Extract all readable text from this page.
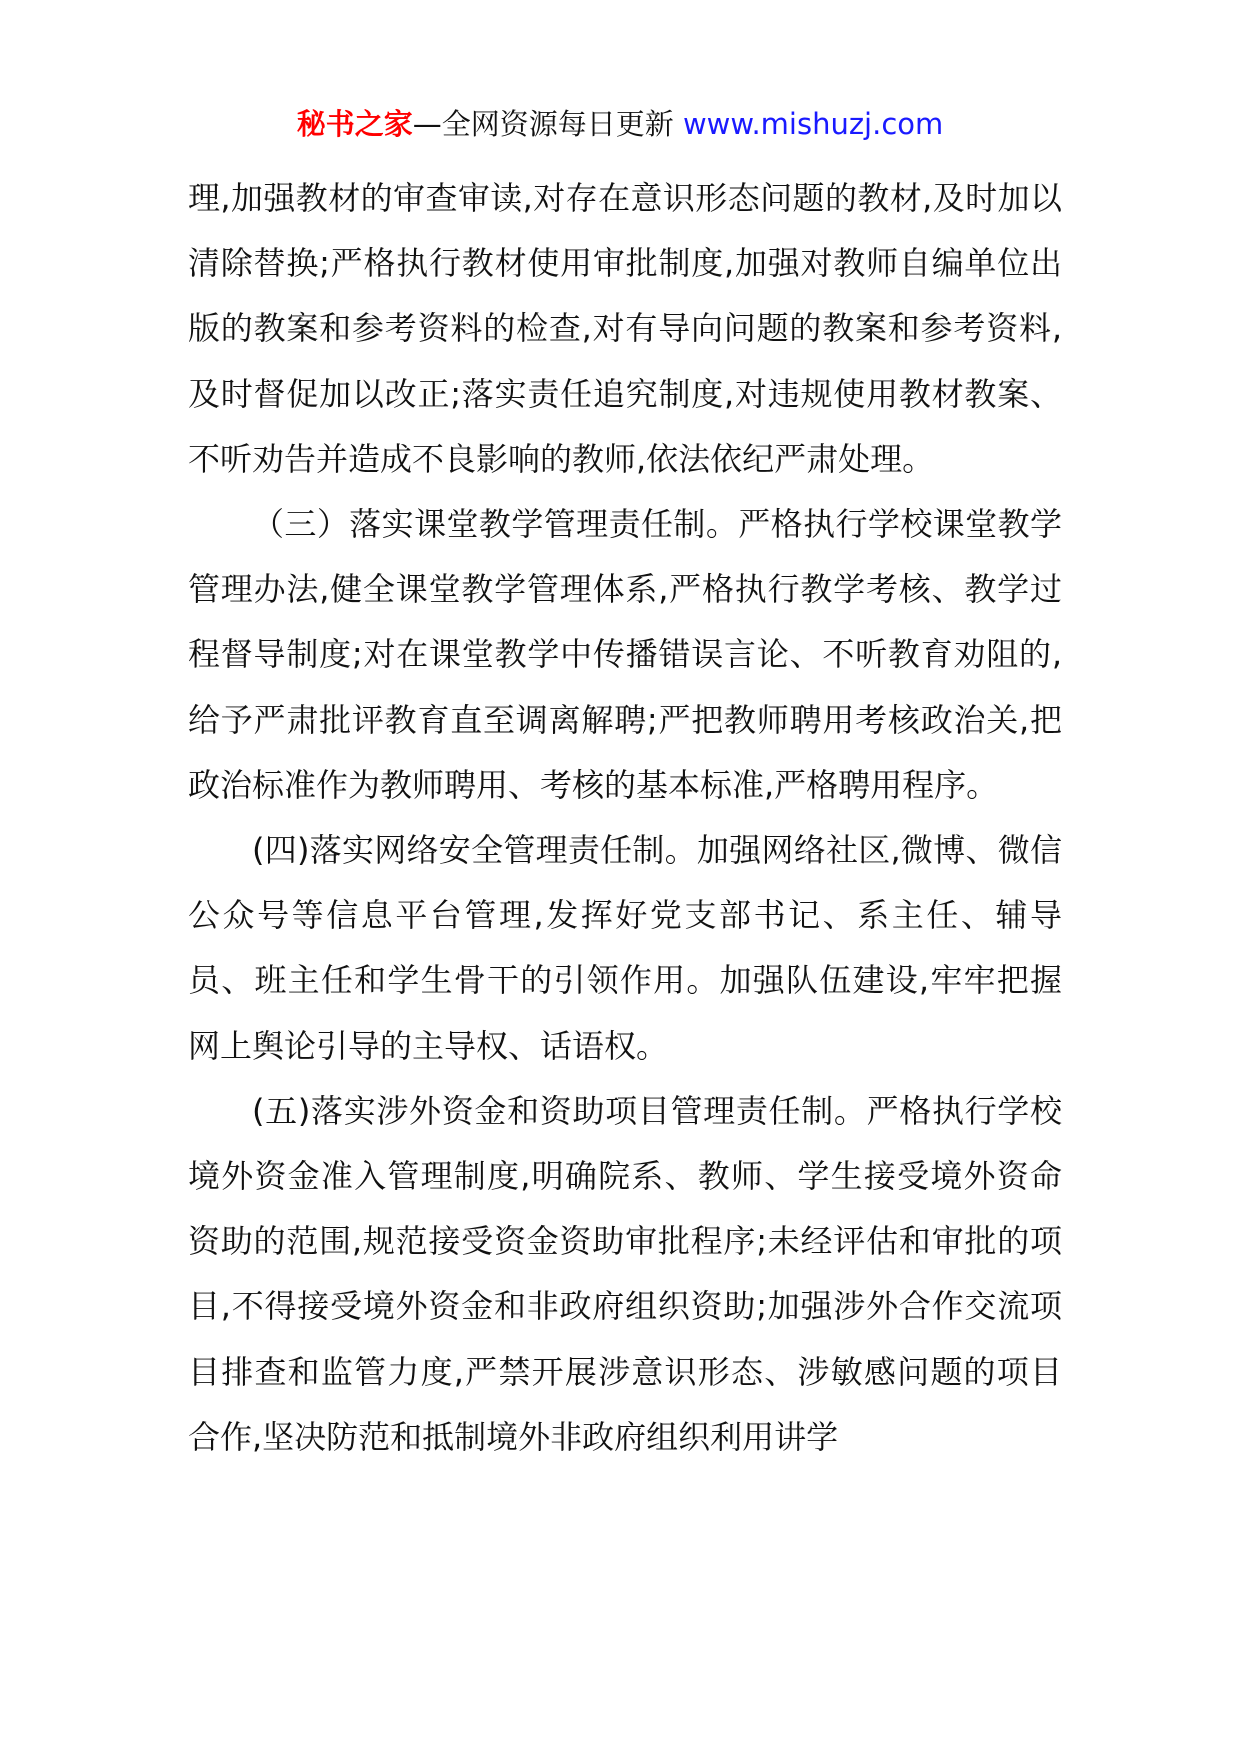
秘书之家—全网资源每日更新 www.mishuzj.com

理,加强教材的审查审读,对存在意识形态问题的教材,及时加以清除替换;严格执行教材使用审批制度,加强对教师自编单位出版的教案和参考资料的检查,对有导向问题的教案和参考资料,及时督促加以改正;落实责任追究制度,对违规使用教材教案、不听劝告并造成不良影响的教师,依法依纪严肃处理。

（三）落实课堂教学管理责任制。严格执行学校课堂教学管理办法,健全课堂教学管理体系,严格执行教学考核、教学过程督导制度;对在课堂教学中传播错误言论、不听教育劝阻的,给予严肃批评教育直至调离解聘;严把教师聘用考核政治关,把政治标准作为教师聘用、考核的基本标准,严格聘用程序。

(四)落实网络安全管理责任制。加强网络社区,微博、微信公众号等信息平台管理,发挥好党支部书记、系主任、辅导员、班主任和学生骨干的引领作用。加强队伍建设,牢牢把握网上舆论引导的主导权、话语权。

(五)落实涉外资金和资助项目管理责任制。严格执行学校境外资金准入管理制度,明确院系、教师、学生接受境外资命资助的范围,规范接受资金资助审批程序;未经评估和审批的项目,不得接受境外资金和非政府组织资助;加强涉外合作交流项目排查和监管力度,严禁开展涉意识形态、涉敏感问题的项目合作,坚决防范和抵制境外非政府组织利用讲学
